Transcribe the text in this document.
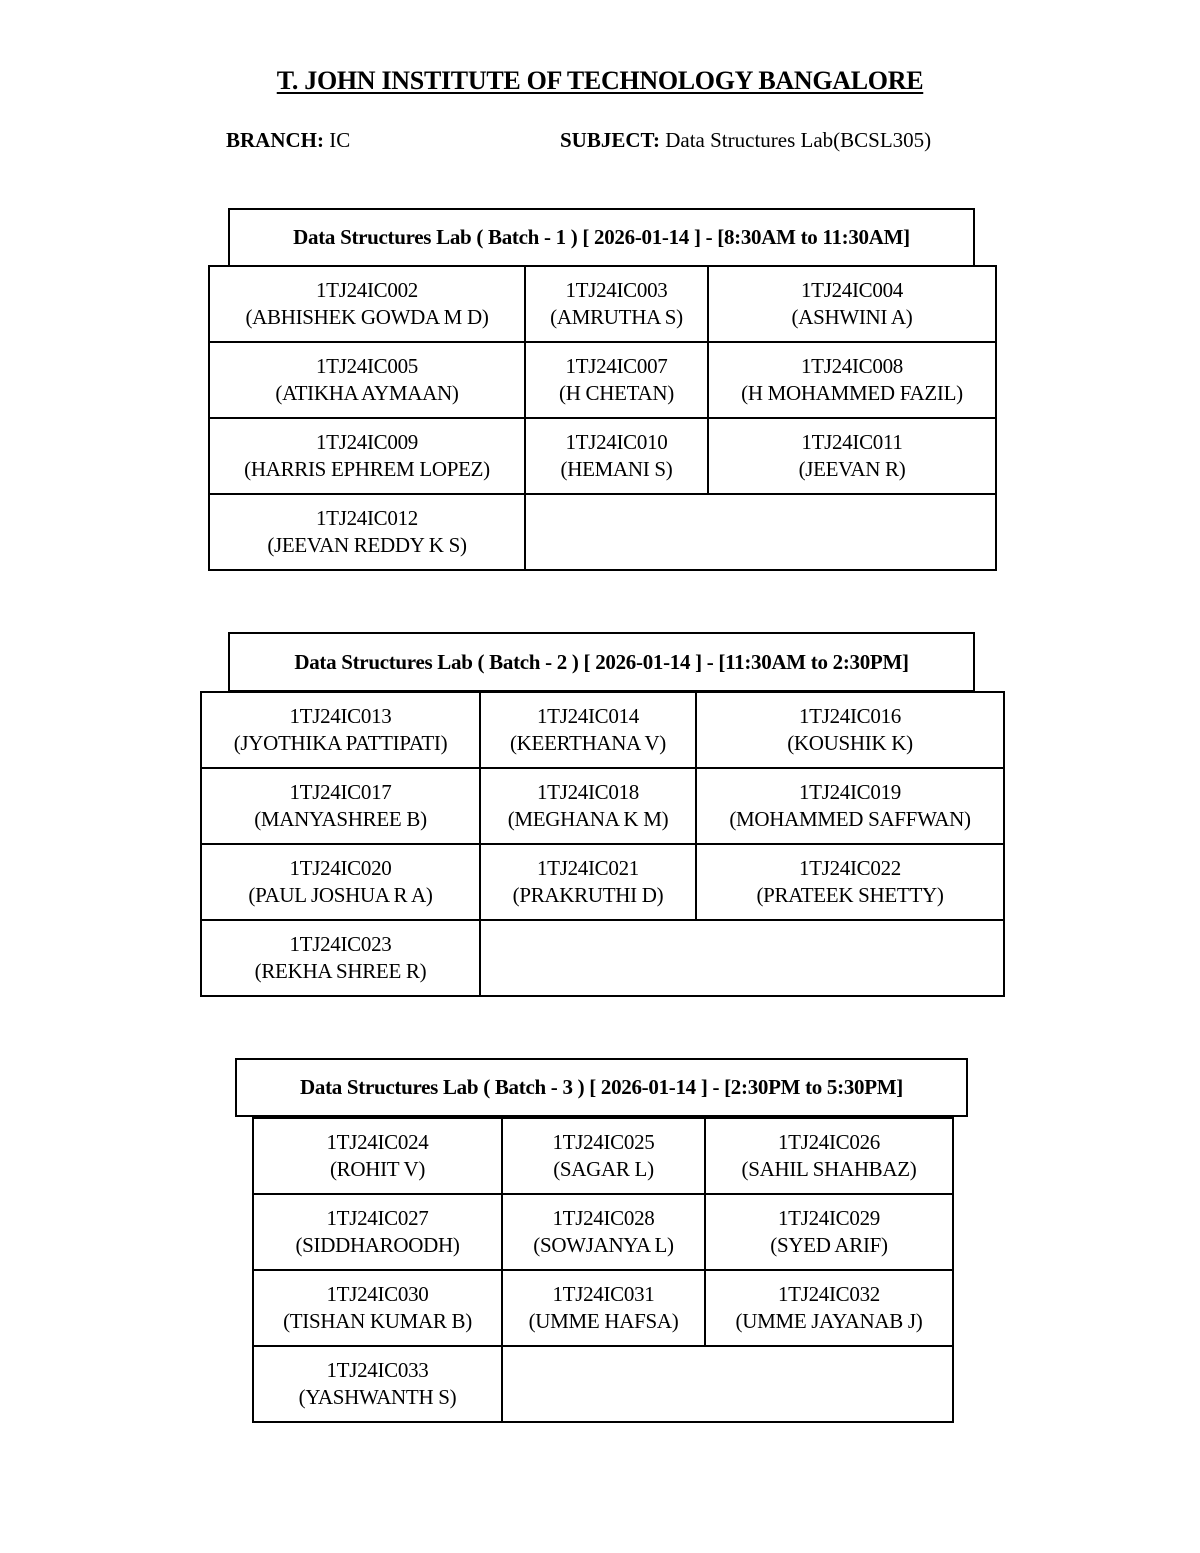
T. JOHN INSTITUTE OF TECHNOLOGY BANGALORE
BRANCH: IC	SUBJECT: Data Structures Lab(BCSL305)
Data Structures Lab ( Batch - 1 ) [ 2026-01-14 ] - [8:30AM to 11:30AM]
1TJ24IC002
(ABHISHEK GOWDA M D)	1TJ24IC003
(AMRUTHA S)	1TJ24IC004
(ASHWINI A)

1TJ24IC005
(ATIKHA AYMAAN)	1TJ24IC007
(H CHETAN)	1TJ24IC008
(H MOHAMMED FAZIL)

1TJ24IC009
(HARRIS EPHREM LOPEZ)	1TJ24IC010
(HEMANI S)	1TJ24IC011
(JEEVAN R)

1TJ24IC012
(JEEVAN REDDY K S)		

Data Structures Lab ( Batch - 2 ) [ 2026-01-14 ] - [11:30AM to 2:30PM]
1TJ24IC013
(JYOTHIKA PATTIPATI)	1TJ24IC014
(KEERTHANA V)	1TJ24IC016
(KOUSHIK K)

1TJ24IC017
(MANYASHREE B)	1TJ24IC018
(MEGHANA K M)	1TJ24IC019
(MOHAMMED SAFFWAN)

1TJ24IC020
(PAUL JOSHUA R A)	1TJ24IC021
(PRAKRUTHI D)	1TJ24IC022
(PRATEEK SHETTY)

1TJ24IC023
(REKHA SHREE R)		

Data Structures Lab ( Batch - 3 ) [ 2026-01-14 ] - [2:30PM to 5:30PM]
1TJ24IC024
(ROHIT V)	1TJ24IC025
(SAGAR L)	1TJ24IC026
(SAHIL SHAHBAZ)

1TJ24IC027
(SIDDHAROODH)	1TJ24IC028
(SOWJANYA L)	1TJ24IC029
(SYED ARIF)

1TJ24IC030
(TISHAN KUMAR B)	1TJ24IC031
(UMME HAFSA)	1TJ24IC032
(UMME JAYANAB J)

1TJ24IC033
(YASHWANTH S)		
